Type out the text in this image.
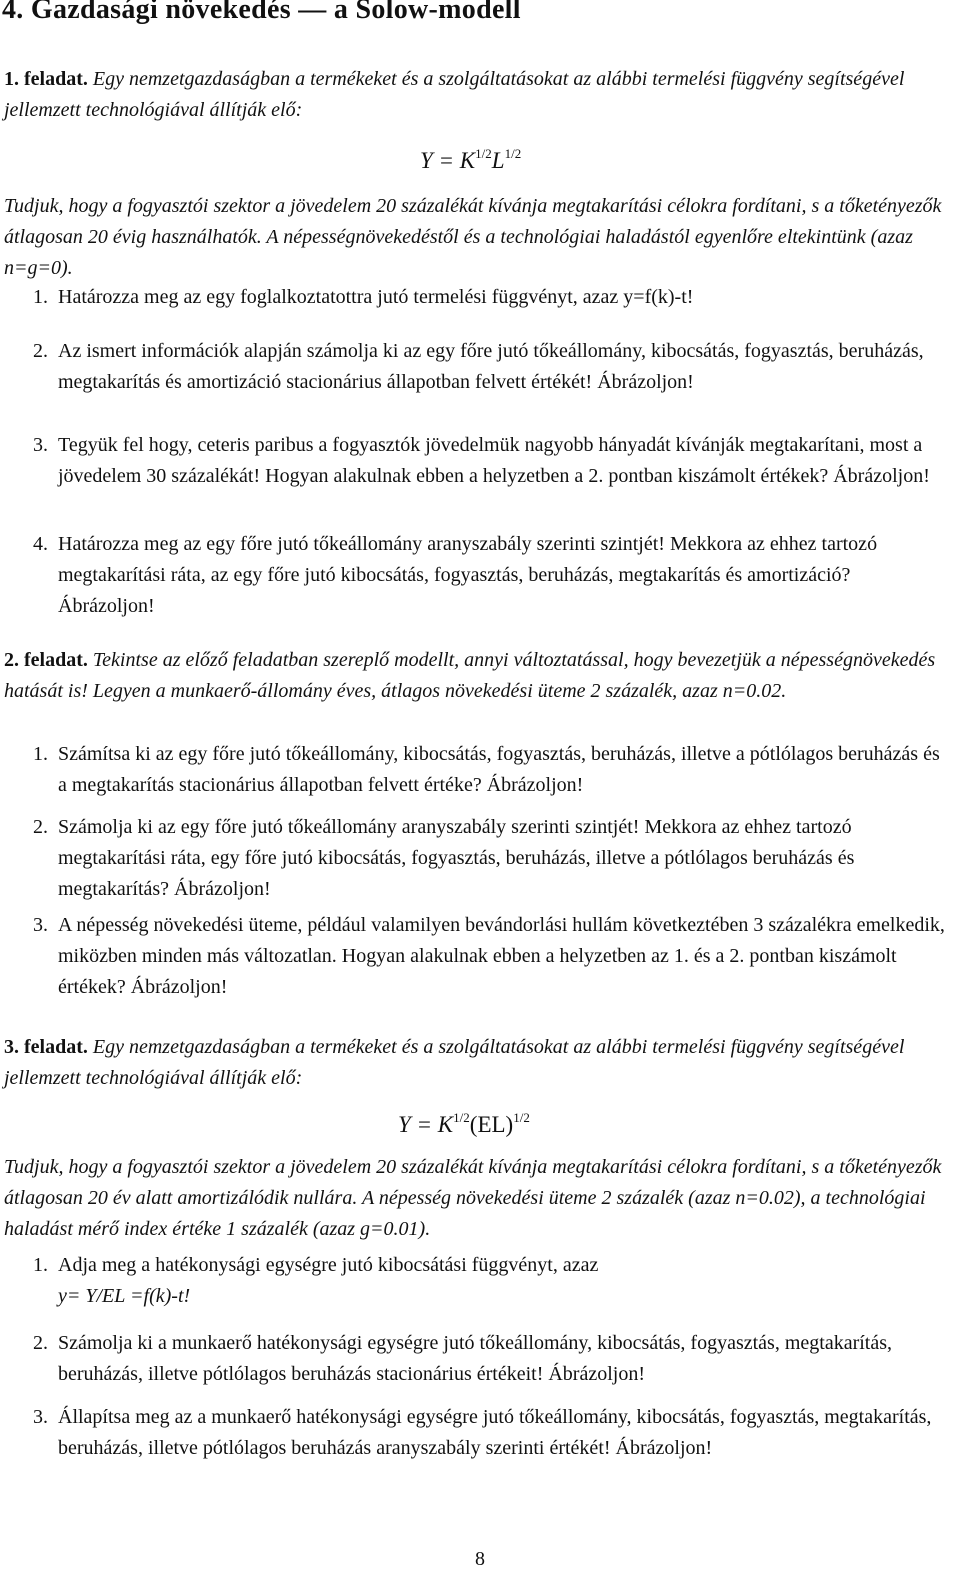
4. Gazdasági növekedés — a Solow-modell
1. feladat. Egy nemzetgazdaságban a termékeket és a szolgáltatásokat az alábbi termelési függvény segítségével jellemzett technológiával állítják elő:
$Y = K^{1/2}L^{1/2}$
Tudjuk, hogy a fogyasztói szektor a jövedelem 20 százalékát kívánja megtakarítási célokra fordítani, s a tőketényezők átlagosan 20 évig használhatók. A népességnövekedéstől és a technológiai haladástól egyenlőre eltekintünk (azaz n=g=0).
1. Határozza meg az egy foglalkoztatottra jutó termelési függvényt, azaz y=f(k)-t!
2. Az ismert információk alapján számolja ki az egy főre jutó tőkeállomány, kibocsátás, fogyasztás, beruházás, megtakarítás és amortizáció stacionárius állapotban felvett értékét! Ábrázoljon!
3. Tegyük fel hogy, ceteris paribus a fogyasztók jövedelmük nagyobb hányadát kívánják megtakarítani, most a jövedelem 30 százalékát! Hogyan alakulnak ebben a helyzetben a 2. pontban kiszámolt értékek? Ábrázoljon!
4. Határozza meg az egy főre jutó tőkeállomány aranyszabály szerinti szintjét! Mekkora az ehhez tartozó megtakarítási ráta, az egy főre jutó kibocsátás, fogyasztás, beruházás, megtakarítás és amortizáció? Ábrázoljon!
2. feladat. Tekintse az előző feladatban szereplő modellt, annyi változtatással, hogy bevezetjük a népességnövekedés hatását is! Legyen a munkaerő-állomány éves, átlagos növekedési üteme 2 százalék, azaz n=0.02.
1. Számítsa ki az egy főre jutó tőkeállomány, kibocsátás, fogyasztás, beruházás, illetve a pótlólagos beruházás és a megtakarítás stacionárius állapotban felvett értéke? Ábrázoljon!
2. Számolja ki az egy főre jutó tőkeállomány aranyszabály szerinti szintjét! Mekkora az ehhez tartozó megtakarítási ráta, egy főre jutó kibocsátás, fogyasztás, beruházás, illetve a pótlólagos beruházás és megtakarítás? Ábrázoljon!
3. A népesség növekedési üteme, például valamilyen bevándorlási hullám következtében 3 százalékra emelkedik, miközben minden más változatlan. Hogyan alakulnak ebben a helyzetben az 1. és a 2. pontban kiszámolt értékek? Ábrázoljon!
3. feladat. Egy nemzetgazdaságban a termékeket és a szolgáltatásokat az alábbi termelési függvény segítségével jellemzett technológiával állítják elő:
$Y = K^{1/2}(EL)^{1/2}$
Tudjuk, hogy a fogyasztói szektor a jövedelem 20 százalékát kívánja megtakarítási célokra fordítani, s a tőketényezők átlagosan 20 év alatt amortizálódik nullára. A népesség növekedési üteme 2 százalék (azaz n=0.02), a technológiai haladást mérő index értéke 1 százalék (azaz g=0.01).
1. Adja meg a hatékonysági egységre jutó kibocsátási függvényt, azaz
y= Y/EL =f(k)-t!
2. Számolja ki a munkaerő hatékonysági egységre jutó tőkeállomány, kibocsátás, fogyasztás, megtakarítás, beruházás, illetve pótlólagos beruházás stacionárius értékeit! Ábrázoljon!
3. Állapítsa meg az a munkaerő hatékonysági egységre jutó tőkeállomány, kibocsátás, fogyasztás, megtakarítás, beruházás, illetve pótlólagos beruházás aranyszabály szerinti értékét! Ábrázoljon!
8
